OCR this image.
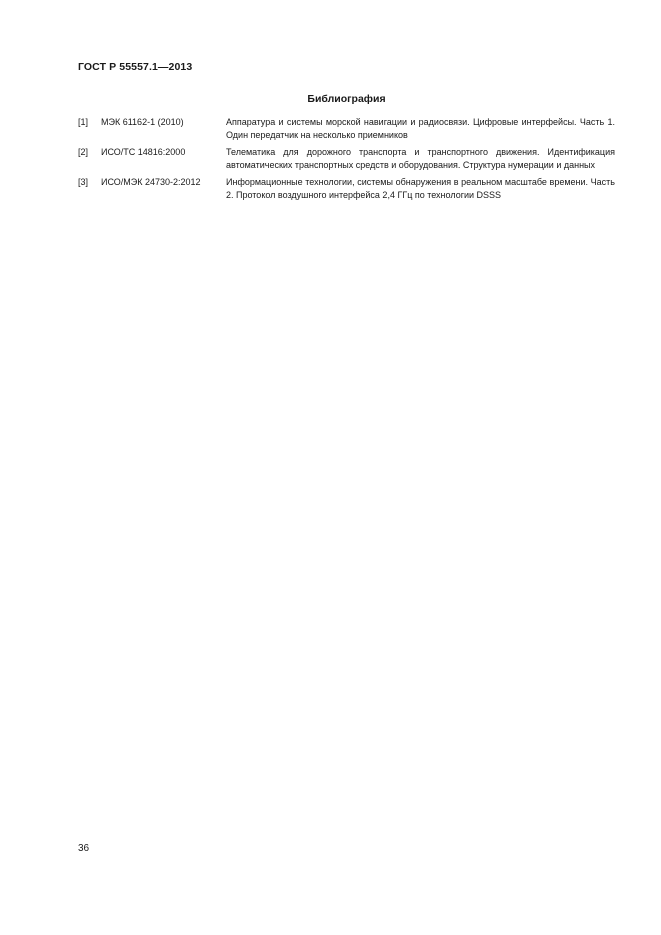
ГОСТ Р 55557.1—2013
Библиография
[1]	МЭК 61162-1 (2010)	Аппаратура и системы морской навигации и радиосвязи. Цифровые интерфейсы. Часть 1. Один передатчик на несколько приемников
[2]	ИСО/ТС 14816:2000	Телематика для дорожного транспорта и транспортного движения. Идентификация автоматических транспортных средств и оборудования. Структура нумерации и данных
[3]	ИСО/МЭК 24730-2:2012	Информационные технологии, системы обнаружения в реальном масштабе времени. Часть 2. Протокол воздушного интерфейса 2,4 ГГц по технологии DSSS
36
